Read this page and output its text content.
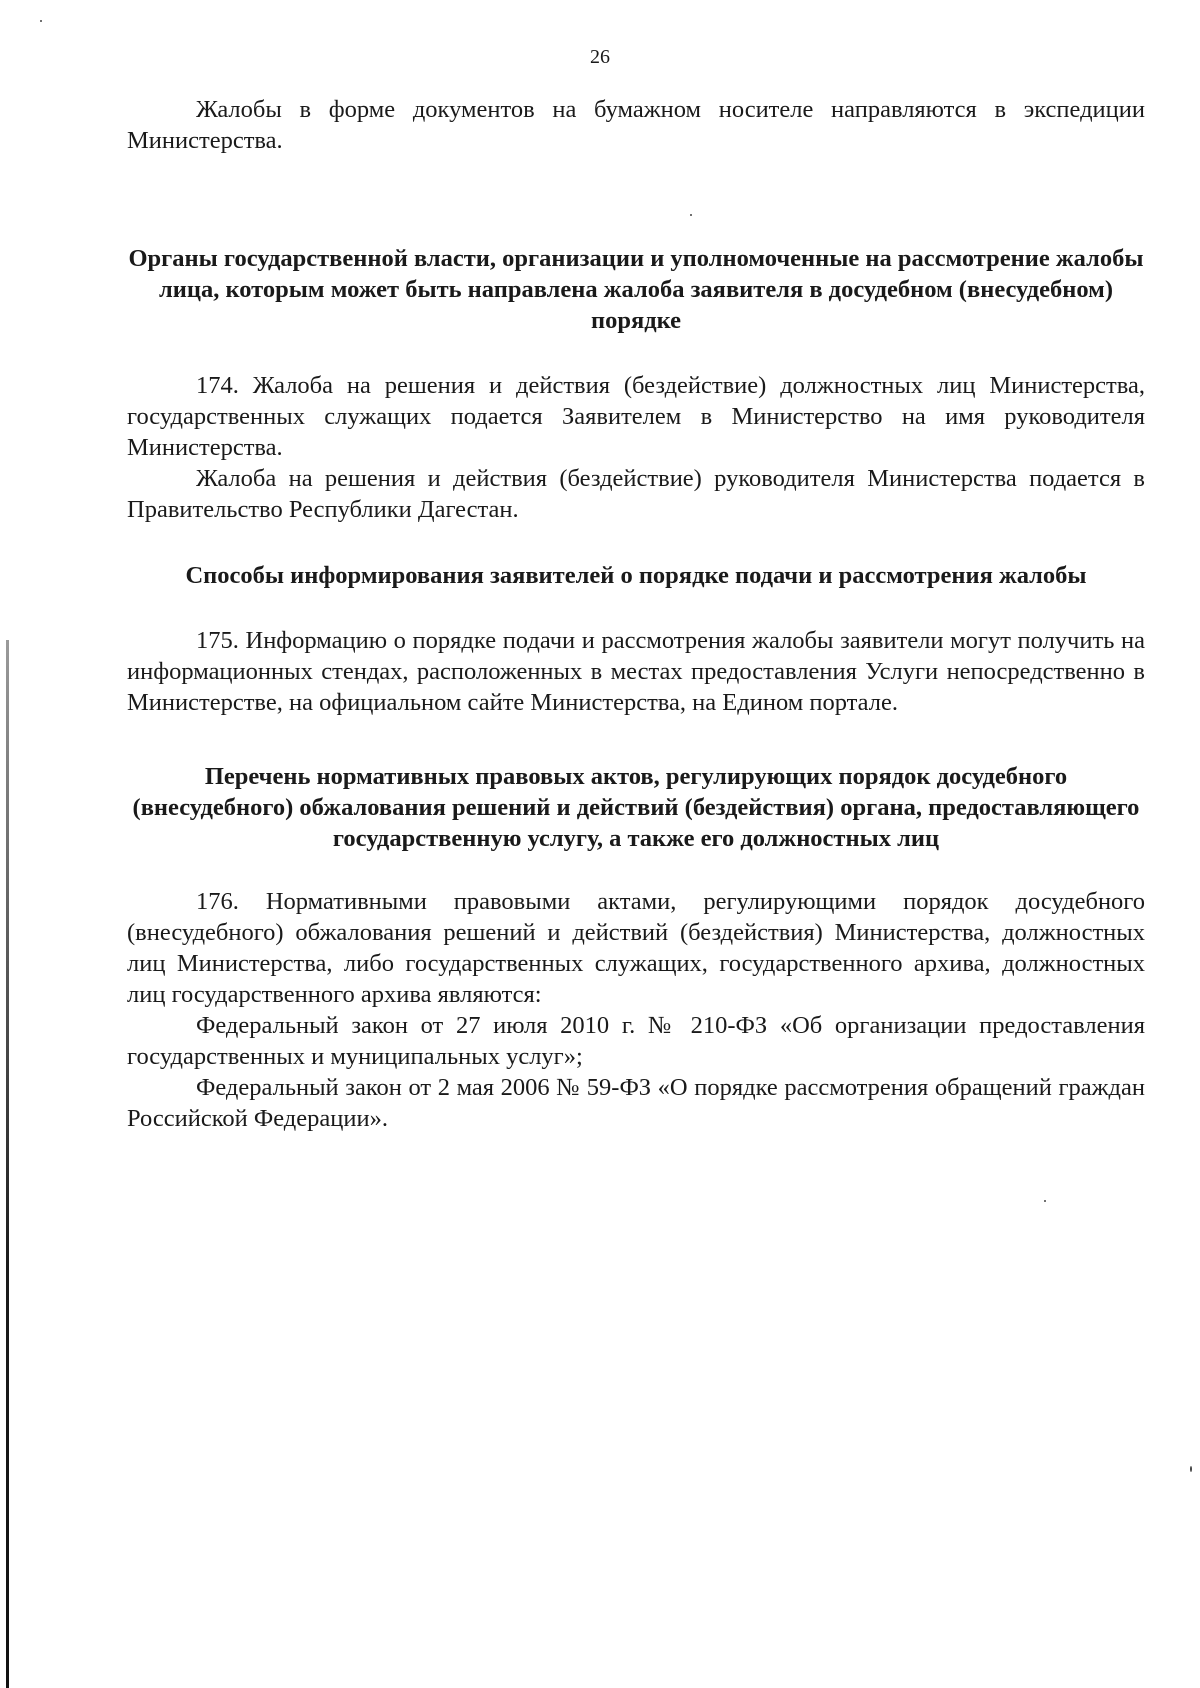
26

Жалобы в форме документов на бумажном носителе направляются в экспедиции Министерства.

Органы государственной власти, организации и уполномоченные на рассмотрение жалобы лица, которым может быть направлена жалоба заявителя в досудебном (внесудебном) порядке

174. Жалоба на решения и действия (бездействие) должностных лиц Министерства, государственных служащих подается Заявителем в Министерство на имя руководителя Министерства.

Жалоба на решения и действия (бездействие) руководителя Министерства подается в Правительство Республики Дагестан.

Способы информирования заявителей о порядке подачи и рассмотрения жалобы

175. Информацию о порядке подачи и рассмотрения жалобы заявители могут получить на информационных стендах, расположенных в местах предоставления Услуги непосредственно в Министерстве, на официальном сайте Министерства, на Едином портале.

Перечень нормативных правовых актов, регулирующих порядок досудебного (внесудебного) обжалования решений и действий (бездействия) органа, предоставляющего государственную услугу, а также его должностных лиц

176. Нормативными правовыми актами, регулирующими порядок досудебного (внесудебного) обжалования решений и действий (бездействия) Министерства, должностных лиц Министерства, либо государственных служащих, государственного архива, должностных лиц государственного архива являются:

Федеральный закон от 27 июля 2010 г. № 210-ФЗ «Об организации предоставления государственных и муниципальных услуг»;

Федеральный закон от 2 мая 2006 № 59-ФЗ «О порядке рассмотрения обращений граждан Российской Федерации».
